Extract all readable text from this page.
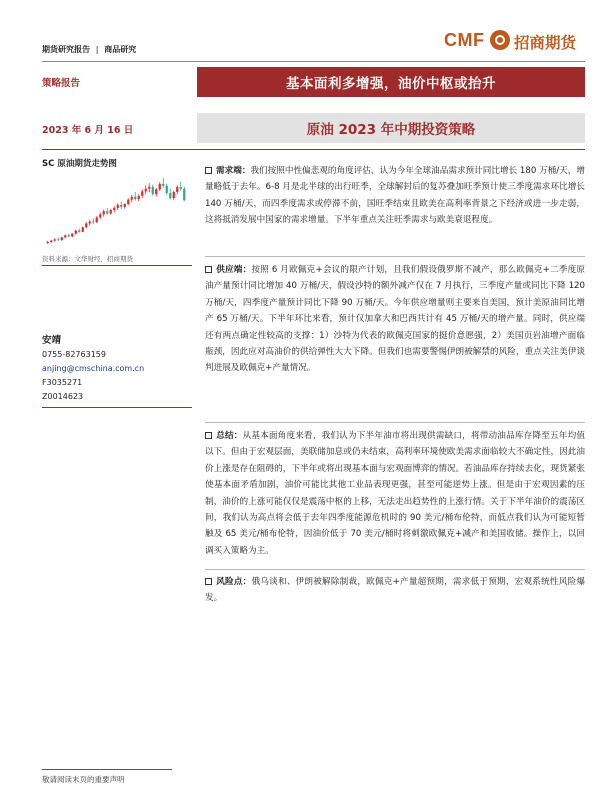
期货研究报告 | 商品研究	CMF 招商期货
策略报告	基本面利多增强，油价中枢或抬升
2023 年 6 月 16 日	原油 2023 年中期投资策略
SC 原油期货走势图
资料来源：文华财经，招商期货
安靖
0755-82763159
anjing@cmschina.com.cn
F3035271
Z0014623
需求端：我们按照中性偏悲观的角度评估，认为今年全球油品需求预计同比增长 180 万桶/天，增量略低于去年。6-8 月是北半球的出行旺季，全球解封后的复苏叠加旺季预计使三季度需求环比增长 140 万桶/天，而四季度需求或停滞不前，国旺季结束且欧美在高利率背景之下经济或进一步走弱，这将抵消发展中国家的需求增量。下半年重点关注旺季需求与欧美衰退程度。
供应端：按照 6 月欧佩克+会议的限产计划，且我们假设俄罗斯不减产，那么欧佩克+二季度原油产量预计同比增加 40 万桶/天，假设沙特的额外减产仅在 7 月执行，三季度产量或同比下降 120 万桶/天，四季度产量预计同比下降 90 万桶/天。今年供应增量则主要来自美国，预计美原油同比增产 65 万桶/天。下半年环比来看，预计仅加拿大和巴西共计有 45 万桶/天的增产量。同时，供应端还有两点确定性较高的支撑：1）沙特为代表的欧佩克国家的挺价意愿强，2）美国页岩油增产面临瓶颈，因此应对高油价的供给弹性大大下降。但我们也需要警惕伊朗被解禁的风险，重点关注美伊谈判进展及欧佩克+产量情况。
总结：从基本面角度来看，我们认为下半年油市将出现供需缺口，将带动油品库存降至五年均值以下。但由于宏观层面，美联储加息或仍未结束，高利率环境使欧美需求面临较大不确定性，因此油价上涨是存在阻碍的，下半年或将出现基本面与宏观面博弈的情况。若油品库存持续去化，现货紧张使基本面矛盾加剧，油价可能比其他工业品表现更强，甚至可能逆势上涨。但是由于宏观因素的压制，油价的上涨可能仅仅是震荡中枢的上移，无法走出趋势性的上涨行情。关于下半年油价的震荡区间，我们认为高点将会低于去年四季度能源危机时的 90 美元/桶布伦特，而低点我们认为可能短暂触及 65 美元/桶布伦特，因油价低于 70 美元/桶时将刺激欧佩克+减产和美国收储。操作上，以回调买入策略为主。
风险点：俄乌谈和、伊朗被解除制裁，欧佩克+产量超预期，需求低于预期，宏观系统性风险爆发。
敬请阅读末页的重要声明
